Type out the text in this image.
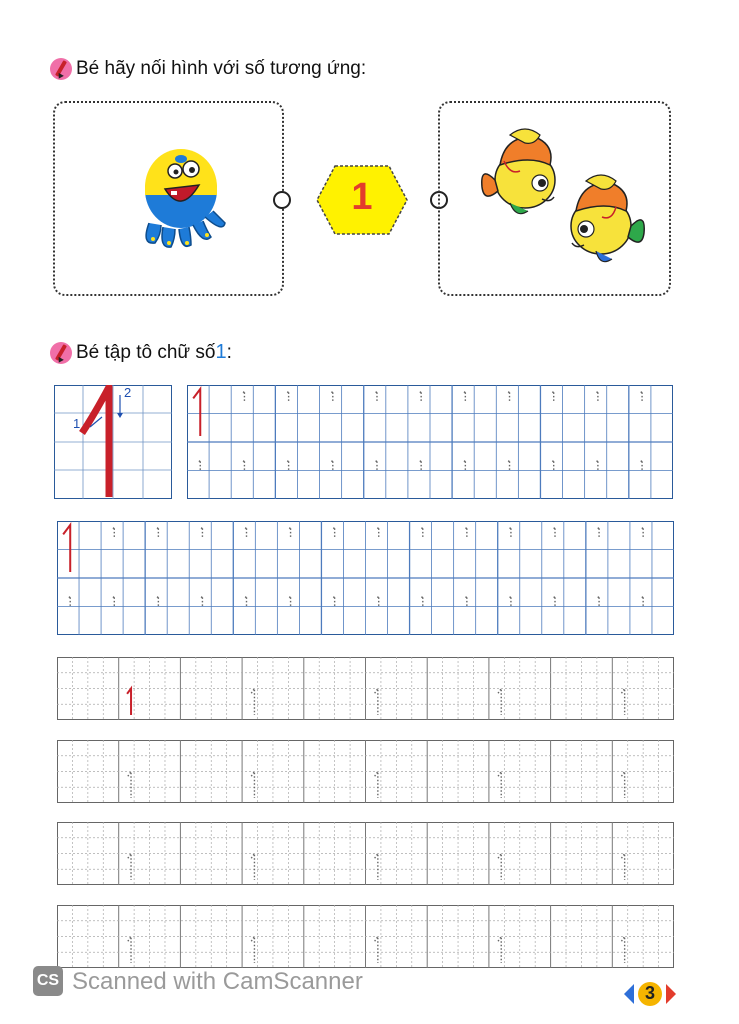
Bé hãy nối hình với số tương ứng:
1
Bé tập tô chữ số 1 :
1
2
CS Scanned with CamScanner	3
